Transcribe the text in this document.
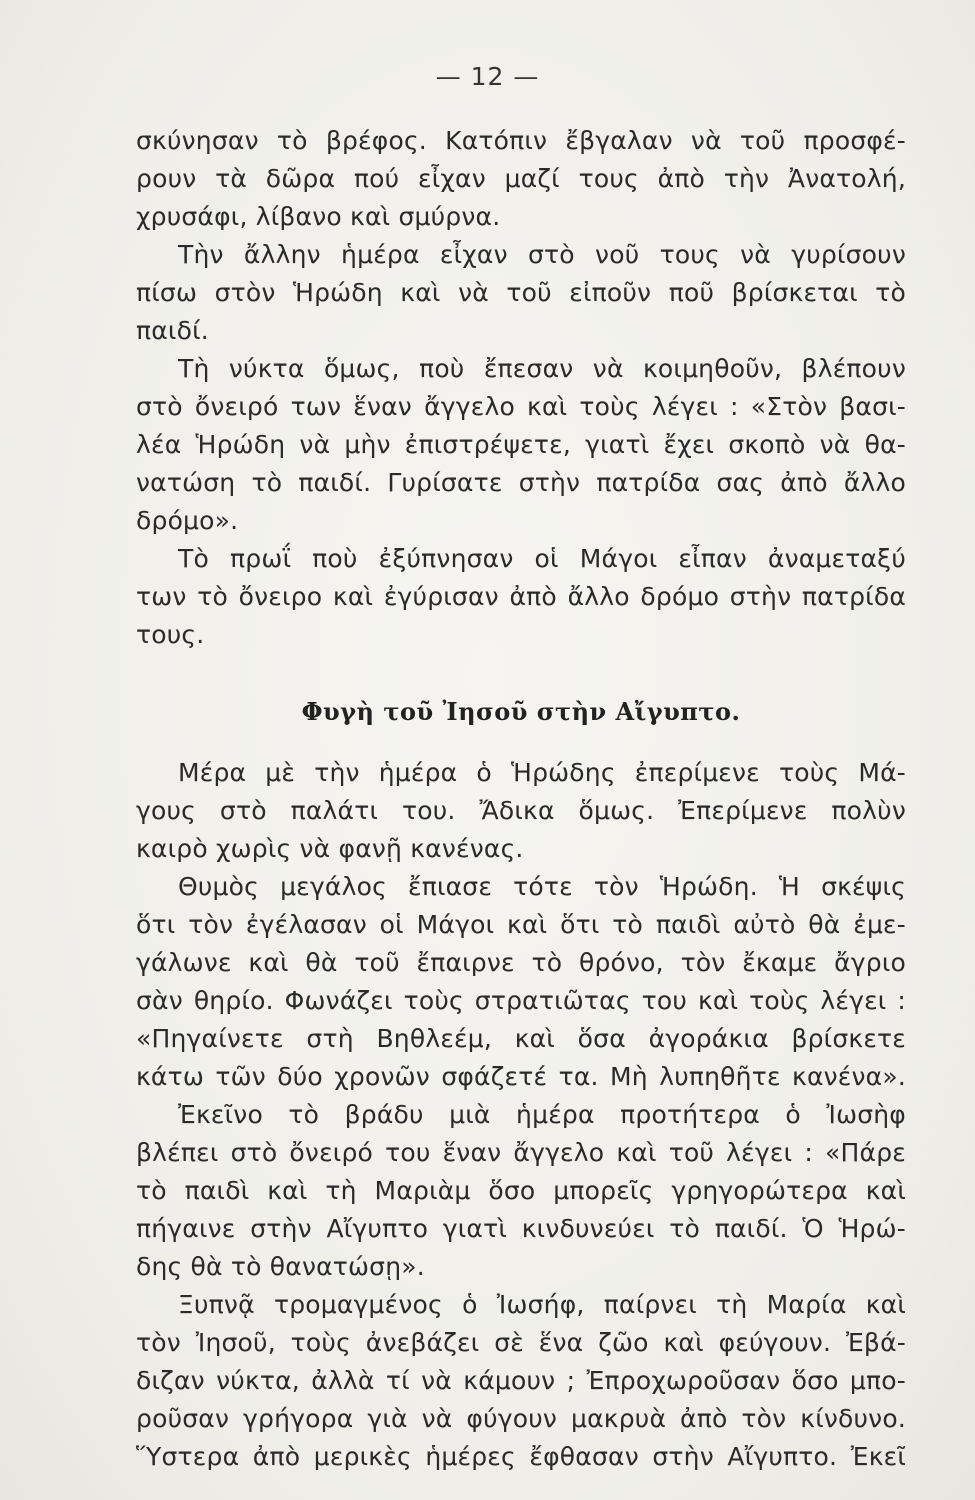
— 12 —
σκύνησαν τὸ βρέφος. Κατόπιν ἔβγαλαν νὰ τοῦ προσφέ-
ρουν τὰ δῶρα πού εἶχαν μαζί τους ἀπὸ τὴν Ἀνατολή,
χρυσάφι, λίβανο καὶ σμύρνα.
Τὴν ἄλλην ἡμέρα εἶχαν στὸ νοῦ τους νὰ γυρίσουν
πίσω στὸν Ἡρώδη καὶ νὰ τοῦ εἰποῦν ποῦ βρίσκεται τὸ
παιδί.
Τὴ νύκτα ὅμως, ποὺ ἔπεσαν νὰ κοιμηθοῦν, βλέπουν
στὸ ὄνειρό των ἕναν ἄγγελο καὶ τοὺς λέγει : «Στὸν βασι-
λέα Ἡρώδη νὰ μὴν ἐπιστρέψετε, γιατὶ ἔχει σκοπὸ νὰ θα-
νατώση τὸ παιδί. Γυρίσατε στὴν πατρίδα σας ἀπὸ ἄλλο
δρόμο».
Τὸ πρωΐ ποὺ ἐξύπνησαν οἱ Μάγοι εἶπαν ἀναμεταξύ
των τὸ ὄνειρο καὶ ἐγύρισαν ἀπὸ ἄλλο δρόμο στὴν πατρίδα
τους.
Φυγὴ τοῦ Ἰησοῦ στὴν Αἴγυπτο.
Μέρα μὲ τὴν ἡμέρα ὁ Ἡρώδης ἐπερίμενε τοὺς Μά-
γους στὸ παλάτι του. Ἄδικα ὅμως. Ἐπερίμενε πολὺν
καιρὸ χωρὶς νὰ φανῇ κανένας.
Θυμὸς μεγάλος ἔπιασε τότε τὸν Ἡρώδη. Ἡ σκέψις
ὅτι τὸν ἐγέλασαν οἱ Μάγοι καὶ ὅτι τὸ παιδὶ αὐτὸ θὰ ἐμε-
γάλωνε καὶ θὰ τοῦ ἔπαιρνε τὸ θρόνο, τὸν ἔκαμε ἄγριο
σὰν θηρίο. Φωνάζει τοὺς στρατιῶτας του καὶ τοὺς λέγει :
«Πηγαίνετε στὴ Βηθλεέμ, καὶ ὅσα ἀγοράκια βρίσκετε
κάτω τῶν δύο χρονῶν σφάζετέ τα. Μὴ λυπηθῆτε κανένα».
Ἐκεῖνο τὸ βράδυ μιὰ ἡμέρα προτήτερα ὁ Ἰωσὴφ
βλέπει στὸ ὄνειρό του ἕναν ἄγγελο καὶ τοῦ λέγει : «Πάρε
τὸ παιδὶ καὶ τὴ Μαριὰμ ὅσο μπορεῖς γρηγορώτερα καὶ
πήγαινε στὴν Αἴγυπτο γιατὶ κινδυνεύει τὸ παιδί. Ὁ Ἡρώ-
δης θὰ τὸ θανατώσῃ».
Ξυπνᾷ τρομαγμένος ὁ Ἰωσήφ, παίρνει τὴ Μαρία καὶ
τὸν Ἰησοῦ, τοὺς ἀνεβάζει σὲ ἕνα ζῶο καὶ φεύγουν. Ἐβά-
διζαν νύκτα, ἀλλὰ τί νὰ κάμουν ; Ἐπροχωροῦσαν ὅσο μπο-
ροῦσαν γρήγορα γιὰ νὰ φύγουν μακρυὰ ἀπὸ τὸν κίνδυνο.
Ὕστερα ἀπὸ μερικὲς ἡμέρες ἔφθασαν στὴν Αἴγυπτο. Ἐκεῖ
